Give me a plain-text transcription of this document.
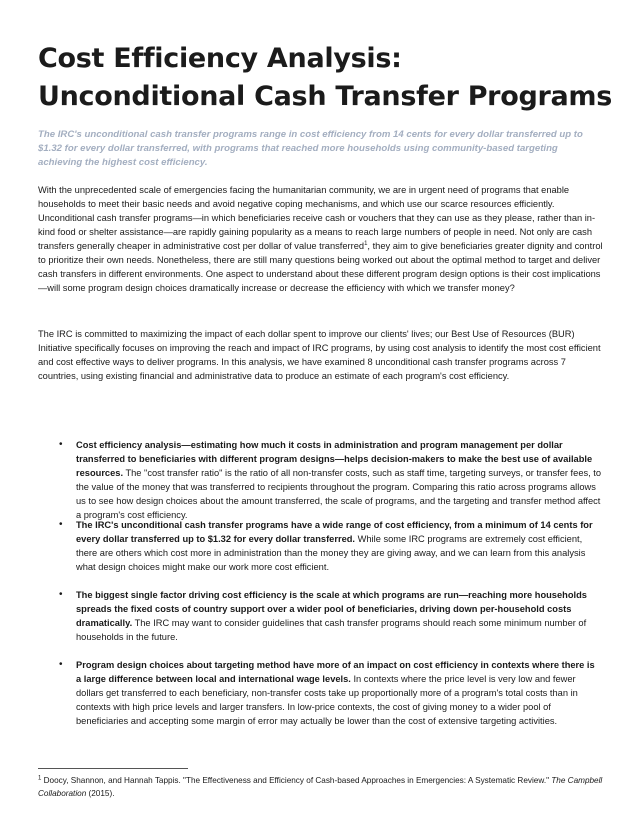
Cost Efficiency Analysis:
Unconditional Cash Transfer Programs

The IRC's unconditional cash transfer programs range in cost efficiency from 14 cents for every dollar transferred up to $1.32 for every dollar transferred, with programs that reached more households using community-based targeting achieving the highest cost efficiency.

With the unprecedented scale of emergencies facing the humanitarian community, we are in urgent need of programs that enable households to meet their basic needs and avoid negative coping mechanisms, and which use our scarce resources efficiently. Unconditional cash transfer programs—in which beneficiaries receive cash or vouchers that they can use as they please, rather than in-kind food or shelter assistance—are rapidly gaining popularity as a means to reach large numbers of people in need. Not only are cash transfers generally cheaper in administrative cost per dollar of value transferred$^1$, they aim to give beneficiaries greater dignity and control to prioritize their own needs. Nonetheless, there are still many questions being worked out about the optimal method to target and deliver cash transfers in different environments. One aspect to understand about these different program design options is their cost implications—will some program design choices dramatically increase or decrease the efficiency with which we transfer money?

The IRC is committed to maximizing the impact of each dollar spent to improve our clients' lives; our Best Use of Resources (BUR) Initiative specifically focuses on improving the reach and impact of IRC programs, by using cost analysis to identify the most cost efficient and cost effective ways to deliver programs. In this analysis, we have examined 8 unconditional cash transfer programs across 7 countries, using existing financial and administrative data to produce an estimate of each program's cost efficiency.

• Cost efficiency analysis—estimating how much it costs in administration and program management per dollar transferred to beneficiaries with different program designs—helps decision-makers to make the best use of available resources. The "cost transfer ratio" is the ratio of all non-transfer costs, such as staff time, targeting surveys, or transfer fees, to the value of the money that was transferred to recipients throughout the program. Comparing this ratio across programs allows us to see how design choices about the amount transferred, the scale of programs, and the targeting and transfer method affect a program's cost efficiency.

• The IRC's unconditional cash transfer programs have a wide range of cost efficiency, from a minimum of 14 cents for every dollar transferred up to $1.32 for every dollar transferred. While some IRC programs are extremely cost efficient, there are others which cost more in administration than the money they are giving away, and we can learn from this analysis what design choices might make our work more cost efficient.

• The biggest single factor driving cost efficiency is the scale at which programs are run—reaching more households spreads the fixed costs of country support over a wider pool of beneficiaries, driving down per-household costs dramatically. The IRC may want to consider guidelines that cash transfer programs should reach some minimum number of households in the future.

• Program design choices about targeting method have more of an impact on cost efficiency in contexts where there is a large difference between local and international wage levels. In contexts where the price level is very low and fewer dollars get transferred to each beneficiary, non-transfer costs take up proportionally more of a program's total costs than in contexts with high price levels and larger transfers. In low-price contexts, the cost of giving money to a wider pool of beneficiaries and accepting some margin of error may actually be lower than the cost of extensive targeting activities.

$^1$ Doocy, Shannon, and Hannah Tappis. "The Effectiveness and Efficiency of Cash-based Approaches in Emergencies: A Systematic Review." The Campbell Collaboration (2015).
